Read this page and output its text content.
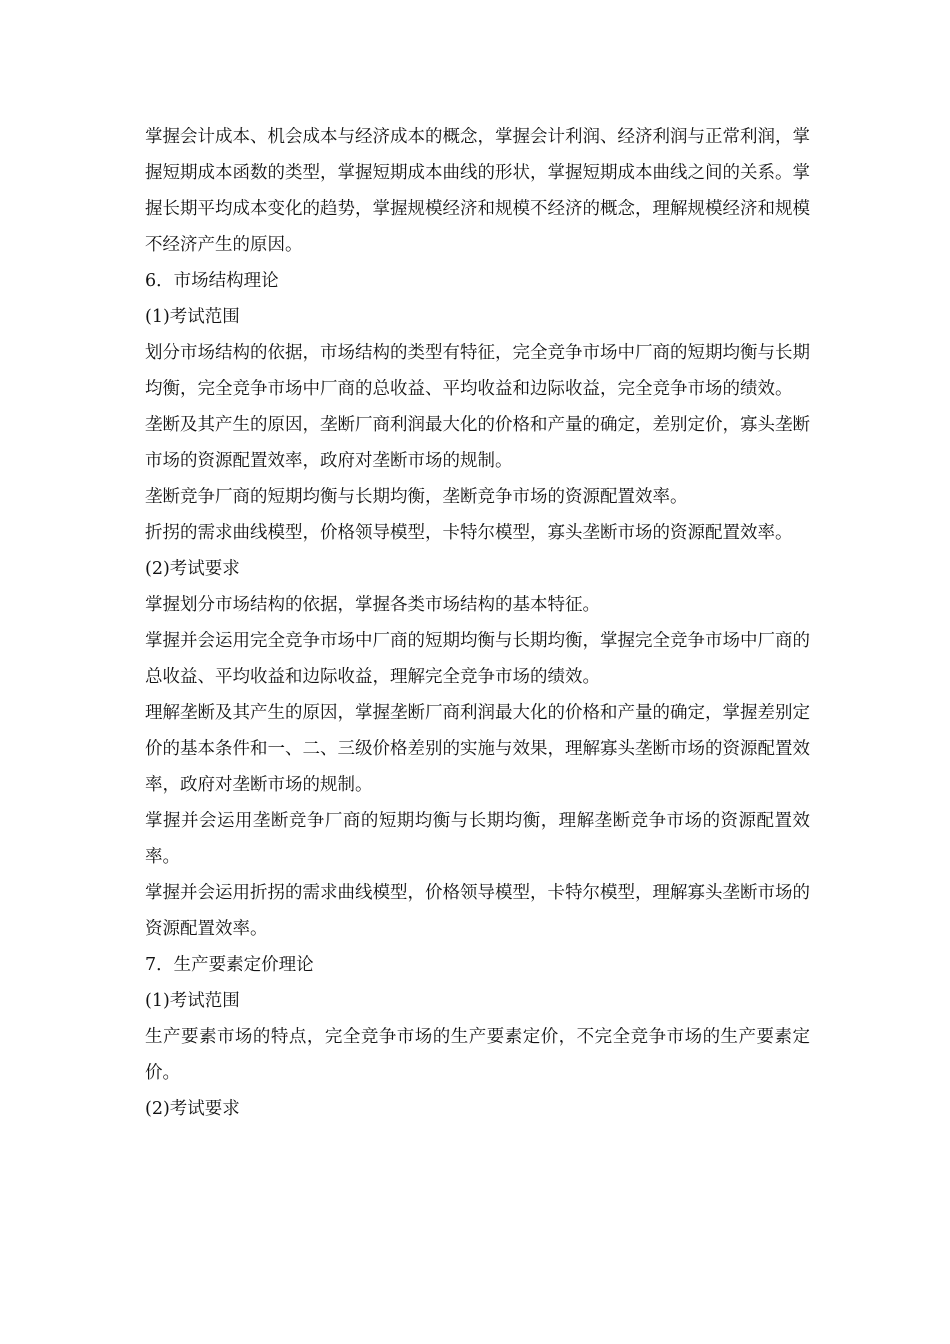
掌握会计成本、机会成本与经济成本的概念，掌握会计利润、经济利润与正常利润，掌握短期成本函数的类型，掌握短期成本曲线的形状，掌握短期成本曲线之间的关系。掌握长期平均成本变化的趋势，掌握规模经济和规模不经济的概念，理解规模经济和规模不经济产生的原因。

6．市场结构理论

(1)考试范围

划分市场结构的依据，市场结构的类型有特征，完全竞争市场中厂商的短期均衡与长期均衡，完全竞争市场中厂商的总收益、平均收益和边际收益，完全竞争市场的绩效。

垄断及其产生的原因，垄断厂商利润最大化的价格和产量的确定，差别定价，寡头垄断市场的资源配置效率，政府对垄断市场的规制。

垄断竞争厂商的短期均衡与长期均衡，垄断竞争市场的资源配置效率。

折拐的需求曲线模型，价格领导模型，卡特尔模型，寡头垄断市场的资源配置效率。

(2)考试要求

掌握划分市场结构的依据，掌握各类市场结构的基本特征。

掌握并会运用完全竞争市场中厂商的短期均衡与长期均衡，掌握完全竞争市场中厂商的总收益、平均收益和边际收益，理解完全竞争市场的绩效。

理解垄断及其产生的原因，掌握垄断厂商利润最大化的价格和产量的确定，掌握差别定价的基本条件和一、二、三级价格差别的实施与效果，理解寡头垄断市场的资源配置效率，政府对垄断市场的规制。

掌握并会运用垄断竞争厂商的短期均衡与长期均衡，理解垄断竞争市场的资源配置效率。

掌握并会运用折拐的需求曲线模型，价格领导模型，卡特尔模型，理解寡头垄断市场的资源配置效率。

7．生产要素定价理论

(1)考试范围

生产要素市场的特点，完全竞争市场的生产要素定价，不完全竞争市场的生产要素定价。

(2)考试要求
